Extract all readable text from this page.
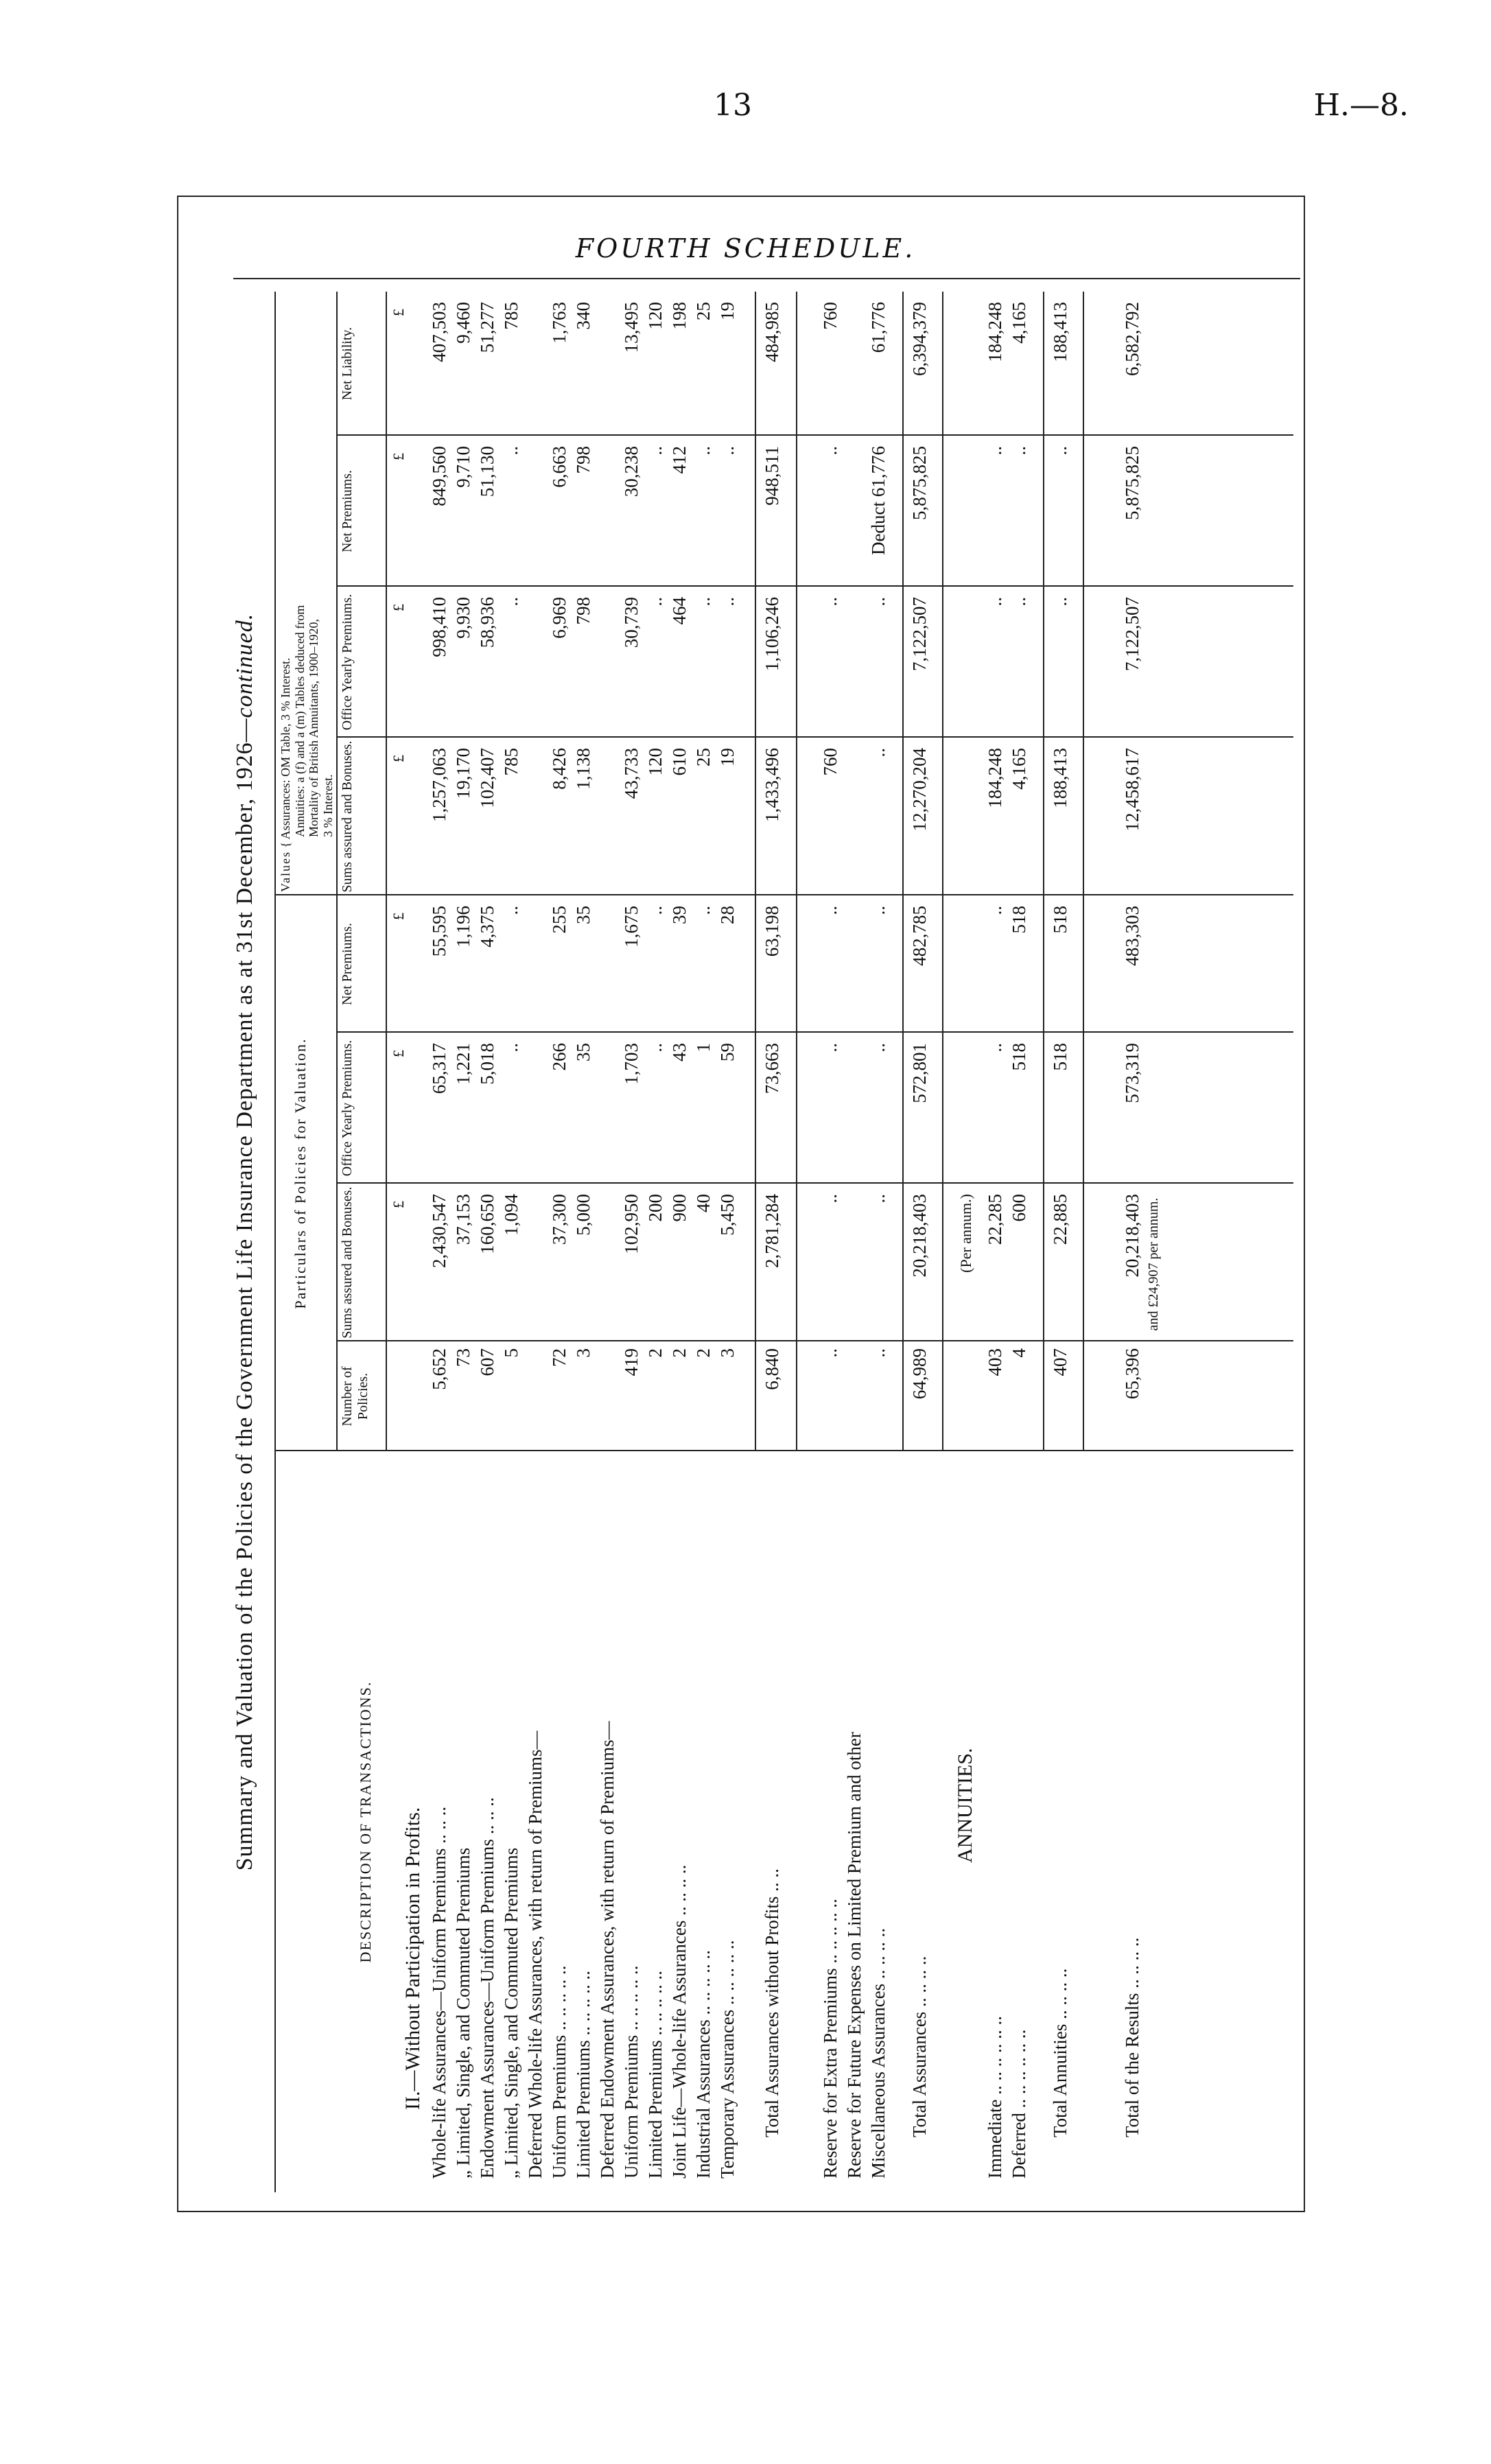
13	H.—8.
FOURTH SCHEDULE.
Summary and Valuation of the Policies of the Government Life Insurance Department as at 31st December, 1926—continued.
DESCRIPTION OF TRANSACTIONS.
Particulars of Policies for Valuation.
Values { Assurances: OM Table, 3 % Interest.
Annuities: a (f) and a (m) Tables deduced from
Mortality of British Annuitants, 1900–1920,
3 % Interest.
Number of Policies.
Sums assured and Bonuses.
Office Yearly Premiums.
Net Premiums.
Sums assured and Bonuses.
Office Yearly Premiums.
Net Premiums.
Net Liability.
£
£
£
£
£
£
£
II.—Without Participation in Profits. Whole-life Assurances—Uniform Premiums .. .. ..
5,652
2,430,547
65,317
55,595
1,257,063
998,410
849,560
407,503
„ Limited, Single, and Commuted Premiums
73
37,153
1,221
1,196
19,170
9,930
9,710
9,460
Endowment Assurances—Uniform Premiums .. .. ..
607
160,650
5,018
4,375
102,407
58,936
51,130
51,277
„ Limited, Single, and Commuted Premiums
5
1,094
..
..
785
..
..
785
Deferred Whole-life Assurances, with return of Premiums— Uniform Premiums .. .. .. .. ..
72
37,300
266
255
8,426
6,969
6,663
1,763
Limited Premiums .. .. .. .. ..
3
5,000
35
35
1,138
798
798
340
Deferred Endowment Assurances, with return of Premiums— Uniform Premiums .. .. .. .. ..
419
102,950
1,703
1,675
43,733
30,739
30,238
13,495
Limited Premiums .. .. .. .. ..
2
200
..
..
120
..
..
120
Joint Life—Whole-life Assurances .. .. .. ..
2
900
43
39
610
464
412
198
Industrial Assurances .. .. .. .. ..
2
40
1
..
25
..
..
25
Temporary Assurances .. .. .. .. ..
3
5,450
59
28
19
..
..
19
Total Assurances without Profits .. ..
6,840
2,781,284
73,663
63,198
1,433,496
1,106,246
948,511
484,985
Reserve for Extra Premiums .. .. .. .. ..
..
..
..
..
760
..
..
760
Reserve for Future Expenses on Limited Premium and other Miscellaneous Assurances .. .. .. ..
..
..
..
..
..
..
Deduct 61,776
61,776
Total Assurances .. .. .. ..
64,989
20,218,403
572,801
482,785
12,270,204
7,122,507
5,875,825
6,394,379
ANNUITIES.
(Per annum.)
Immediate .. .. .. .. .. ..
403
22,285
..
..
184,248
..
..
184,248
Deferred .. .. .. .. .. ..
4
600
518
518
4,165
..
..
4,165
Total Annuities .. .. .. ..
407
22,885
518
518
188,413
..
..
188,413
Total of the Results .. .. .. ..
65,396
20,218,403
573,319
483,303
12,458,617
7,122,507
5,875,825
6,582,792
and £24,907 per annum.
